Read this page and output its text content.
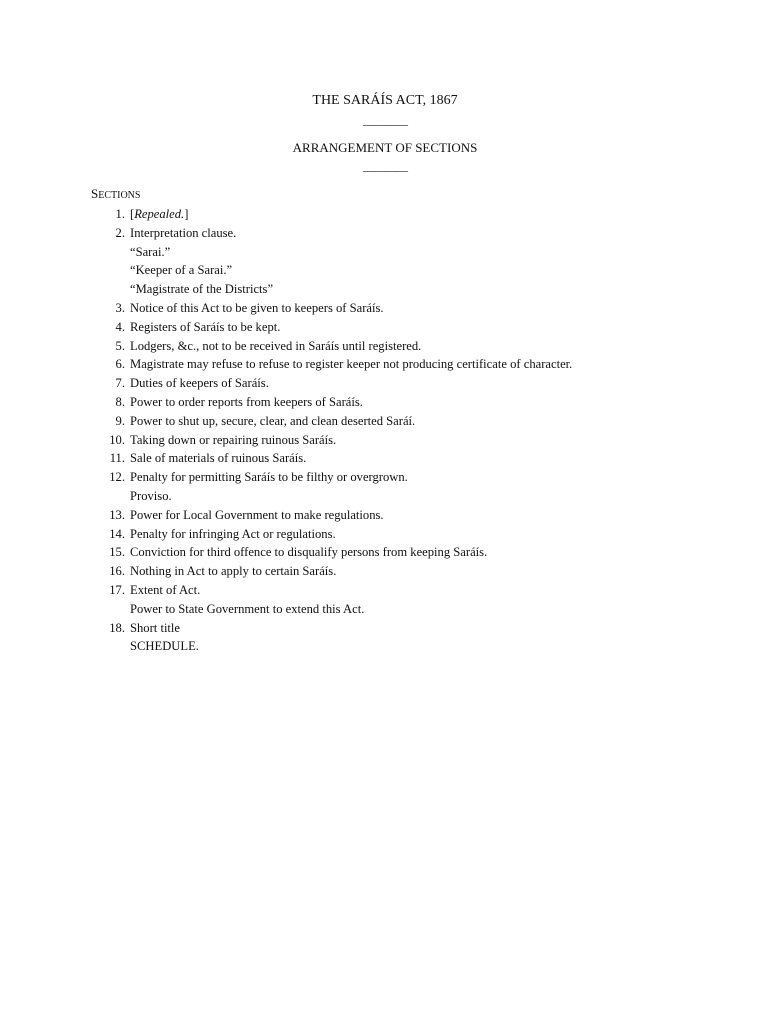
THE SARÁÍS ACT, 1867
————
ARRANGEMENT OF SECTIONS
————
SECTIONS
1. [Repealed.]
2. Interpretation clause.
“Sarai.”
“Keeper of a Sarai.”
“Magistrate of the Districts”
3. Notice of this Act to be given to keepers of Saráís.
4. Registers of Saráís to be kept.
5. Lodgers, &c., not to be received in Saráís until registered.
6. Magistrate may refuse to refuse to register keeper not producing certificate of character.
7. Duties of keepers of Saráís.
8. Power to order reports from keepers of Saráís.
9. Power to shut up, secure, clear, and clean deserted Saráí.
10. Taking down or repairing ruinous Saráís.
11. Sale of materials of ruinous Saráís.
12. Penalty for permitting Saráís to be filthy or overgrown.
Proviso.
13. Power for Local Government to make regulations.
14. Penalty for infringing Act or regulations.
15. Conviction for third offence to disqualify persons from keeping Saráís.
16. Nothing in Act to apply to certain Saráís.
17. Extent of Act.
Power to State Government to extend this Act.
18. Short title
SCHEDULE.
